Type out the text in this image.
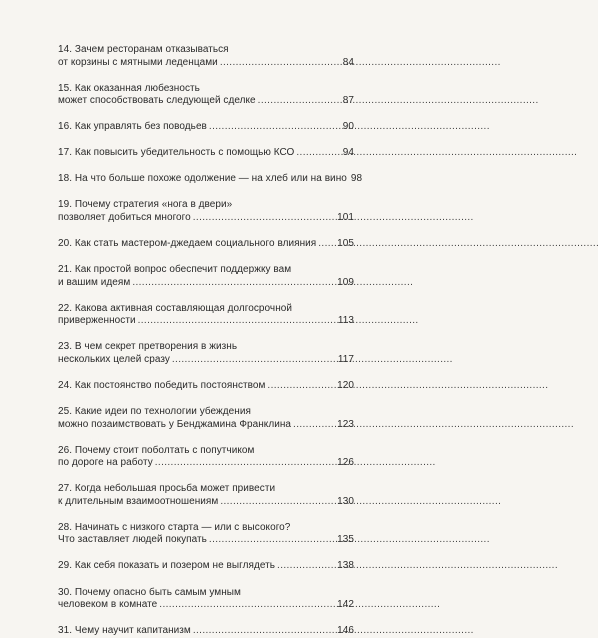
14. Зачем ресторанам отказываться
от корзины с мятными леденцами . . .	84
15. Как оказанная любезность
может способствовать следующей сделке . . .	87
16. Как управлять без поводьев . . .	90
17. Как повысить убедительность с помощью КСО . . .	94
18. На что больше похоже одолжение — на хлеб или на вино 98
19. Почему стратегия «нога в двери»
позволяет добиться многого . . .	101
20. Как стать мастером-джедаем социального влияния . . . 105
21. Как простой вопрос обеспечит поддержку вам
и вашим идеям . . .	109
22. Какова активная составляющая долгосрочной
приверженности . . .	113
23. В чем секрет претворения в жизнь
нескольких целей сразу . . .	117
24. Как постоянство победить постоянством . . .	120
25. Какие идеи по технологии убеждения
можно позаимствовать у Бенджамина Франклина . . .	123
26. Почему стоит поболтать с попутчиком
по дороге на работу . . .	126
27. Когда небольшая просьба может привести
к длительным взаимоотношениям . . .	130
28. Начинать с низкого старта — или с высокого?
Что заставляет людей покупать . . .	135
29. Как себя показать и позером не выглядеть . . .	138
30. Почему опасно быть самым умным
человеком в комнате . . .	142
31. Чему научит капитанизм . . .	146
